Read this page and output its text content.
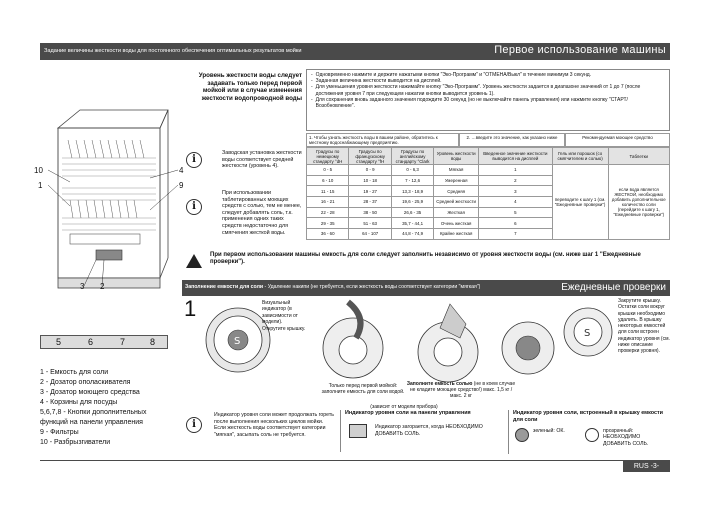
Задание величины жесткости воды для постоянного обеспечения оптимальных результатов мойки	Первое использование машины
10
1
4
9
3 2
5	6	7	8
1 - Емкость для соли
2 - Дозатор ополаскивателя
3 - Дозатор моющего средства
4 - Корзины для посуды
5,6,7,8 - Кнопки дополнительных
функций на панели управления
9 - Фильтры
10 - Разбрызгиватели
Уровень жесткости воды следует задавать только перед первой мойкой или в случае изменения жесткости водопроводной воды
- Одновременно нажмите и держите нажатыми кнопки "Эко-Программ" и "ОТМЕНА/Выкл" в течение минимум 3 секунд.
- Заданная величина жесткости выводится на дисплей.
- Для уменьшения уровня жесткости нажимайте кнопку "Эко-Программ". Уровень жесткости задается в диапазоне значений от 1 до 7 (после достижения уровня 7 при следующем нажатии кнопки выводится уровень 1).
- Для сохранения вновь заданного значения подождите 30 секунд (но не выключайте панель управления) или нажмите кнопку "СТАРТ/Возобновление".
i
Заводская установка жесткости воды соответствует средней жесткости (уровень 4).
i
При использовании таблетированных моющих средств с солью, тем не менее, следует добавлять соль, т.к. применения одних таких средств недостаточно для смягчения жесткой воды.
1. Чтобы узнать жесткость воды в вашем районе, обратитесь к местному водоснабжающему предприятию.
2. …введите это значение, как указано ниже	Рекомендуемая моющее средство
Градусы по немецкому стандарту °dH	Градусы по французскому стандарту °fH	Градусы по английскому стандарту °Clark	Уровень жесткости воды	Введенное значение жесткости выводится на дисплей	Гель или порошок (со смягчителем и солью)	Таблетки
0 - 5	0 - 9	0 - 6,3	Мягкая	1	переводите к шагу 1 (см. "Ежедневные проверки")	если вода является ЖЕСТКОЙ, необходимо добавить дополнительное количество соли (перейдите к шагу 1, "Ежедневные проверки")
6 - 10	10 - 18	7 - 12,6	Умеренная	2		
11 - 15	19 - 27	13,3 - 18,9	Средняя	3		
16 - 21	28 - 37	19,6 - 25,9	Средней жесткости	4		
22 - 28	38 - 50	26,6 - 35	Жесткая	5		
29 - 35	51 - 63	35,7 - 44,1	Очень жесткая	6		
36 - 60	64 - 107	44,8 - 74,9	Крайне жесткая	7		
!
При первом использовании машины емкость для соли следует заполнить независимо от уровня жесткости воды (см. ниже шаг 1 "Ежедневные проверки").
Заполнение емкости для соли - Удаление накипи (не требуется, если жесткость воды соответствует категории "мягкая")	Ежедневные проверки
1
S
Визуальный индикатор (в зависимости от модели). Открутите крышку.	S
Закрутите крышку. Остатки соли вокруг крышки необходимо удалить. В крышку некоторых емкостей для соли встроен индикатор уровня (см. ниже описание проверки уровня).
Только перед первой мойкой: заполните емкость для соли водой.
Заполните емкость солью (не в коем случае не кладите моющее средство!) макс. 1,5 кг / макс. 2 кг
(зависит от модели прибора)
i
Индикатор уровня соли может продолжать гореть после выполнения нескольких циклов мойки. Если жесткость воды соответствует категории "мягкая", засыпать соль не требуется.
Индикатор уровня соли на панели управления
Индикатор загорается, когда НЕОБХОДИМО ДОБАВИТЬ СОЛЬ.
Индикатор уровня соли, встроенный в крышку емкости для соли
зеленый: ОК.	прозрачный: НЕОБХОДИМО ДОБАВИТЬ СОЛЬ.
RUS -3-
